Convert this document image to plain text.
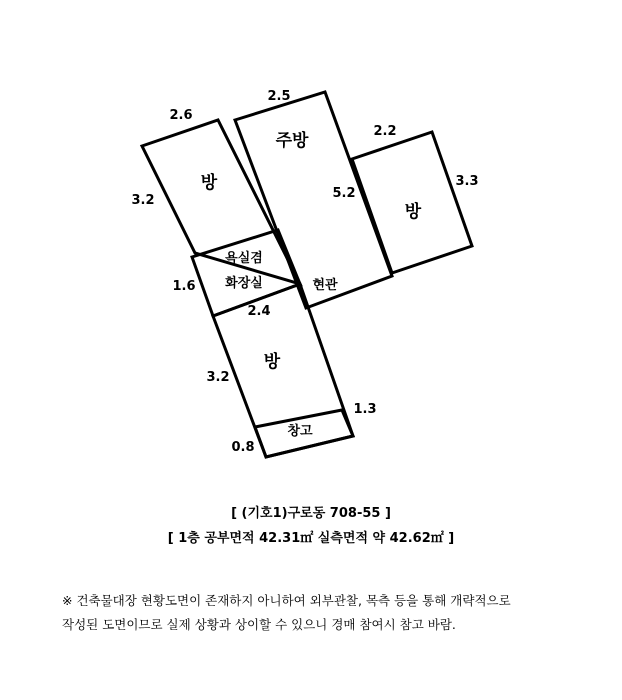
방
주방
방
욕실겸
화장실	현관
방
창고
2.6
3.2
2.5
5.2
2.2
3.3
1.6
2.4
3.2
1.3
0.8
[ (기호1)구로동 708-55 ]
[ 1층 공부면적 42.31㎡ 실측면적 약 42.62㎡ ]
※ 건축물대장 현황도면이 존재하지 아니하여 외부관찰, 목측 등을 통해 개략적으로
작성된 도면이므로 실제 상황과 상이할 수 있으니 경매 참여시 참고 바람.
